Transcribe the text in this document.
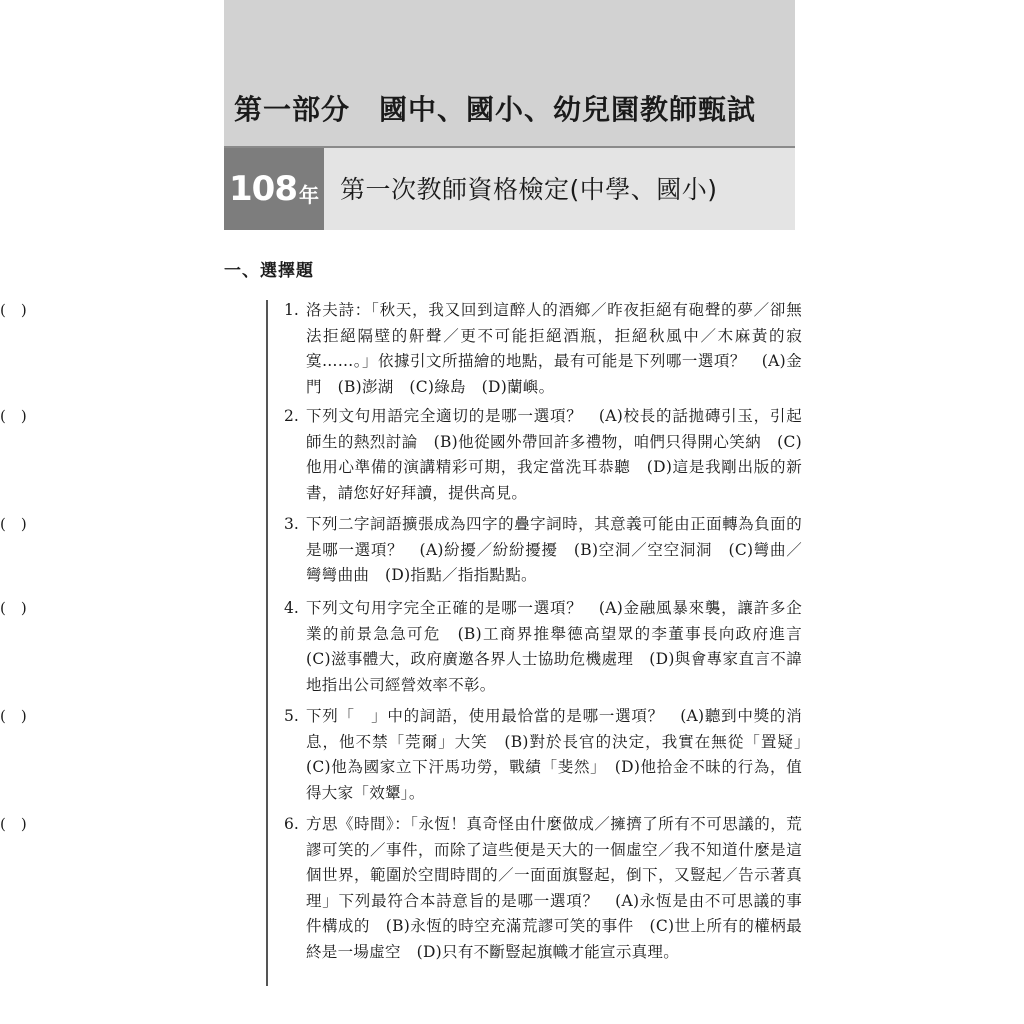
第一部分　國中、國小、幼兒園教師甄試
108 年 第一次教師資格檢定(中學、國小)
一、選擇題
(　)	1. 洛夫詩：「秋天，我又回到這醉人的酒鄉／昨夜拒絕有砲聲的夢／卻無法拒絕隔壁的鼾聲／更不可能拒絕酒瓶，拒絕秋風中／木麻黃的寂寞……。」依據引文所描繪的地點，最有可能是下列哪一選項？　(A)金門　(B)澎湖　(C)綠島　(D)蘭嶼。
(　)	2. 下列文句用語完全適切的是哪一選項？　(A)校長的話拋磚引玉，引起師生的熱烈討論　(B)他從國外帶回許多禮物，咱們只得開心笑納　(C)他用心準備的演講精彩可期，我定當洗耳恭聽　(D)這是我剛出版的新書，請您好好拜讀，提供高見。
(　)	3. 下列二字詞語擴張成為四字的疊字詞時，其意義可能由正面轉為負面的是哪一選項？　(A)紛擾／紛紛擾擾　(B)空洞／空空洞洞　(C)彎曲／彎彎曲曲　(D)指點／指指點點。
(　)	4. 下列文句用字完全正確的是哪一選項？　(A)金融風暴來襲，讓許多企業的前景急急可危　(B)工商界推舉德高望眾的李董事長向政府進言　(C)滋事體大，政府廣邀各界人士協助危機處理　(D)與會專家直言不諱地指出公司經營效率不彰。
(　)	5. 下列「　」中的詞語，使用最恰當的是哪一選項？　(A)聽到中獎的消息，他不禁「莞爾」大笑　(B)對於長官的決定，我實在無從「置疑」　(C)他為國家立下汗馬功勞，戰績「斐然」　(D)他拾金不昧的行為，值得大家「效顰」。
(　)	6. 方思《時間》：「永恆！真奇怪由什麼做成／擁擠了所有不可思議的，荒謬可笑的／事件，而除了這些便是天大的一個虛空／我不知道什麼是這個世界，範圍於空間時間的／一面面旗豎起，倒下，又豎起／告示著真理」下列最符合本詩意旨的是哪一選項？　(A)永恆是由不可思議的事件構成的　(B)永恆的時空充滿荒謬可笑的事件　(C)世上所有的權柄最終是一場虛空　(D)只有不斷豎起旗幟才能宣示真理。
